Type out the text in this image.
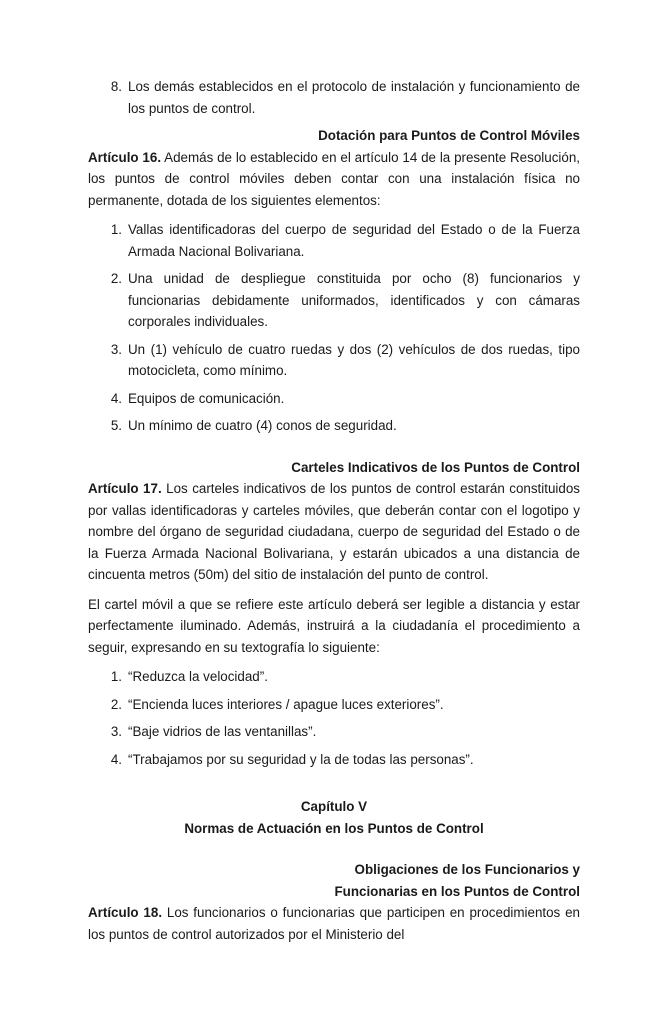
8. Los demás establecidos en el protocolo de instalación y funcionamiento de los puntos de control.
Dotación para Puntos de Control Móviles

Artículo 16. Además de lo establecido en el artículo 14 de la presente Resolución, los puntos de control móviles deben contar con una instalación física no permanente, dotada de los siguientes elementos:

1. Vallas identificadoras del cuerpo de seguridad del Estado o de la Fuerza Armada Nacional Bolivariana.
2. Una unidad de despliegue constituida por ocho (8) funcionarios y funcionarias debidamente uniformados, identificados y con cámaras corporales individuales.
3. Un (1) vehículo de cuatro ruedas y dos (2) vehículos de dos ruedas, tipo motocicleta, como mínimo.
4. Equipos de comunicación.
5. Un mínimo de cuatro (4) conos de seguridad.
Carteles Indicativos de los Puntos de Control

Artículo 17. Los carteles indicativos de los puntos de control estarán constituidos por vallas identificadoras y carteles móviles, que deberán contar con el logotipo y nombre del órgano de seguridad ciudadana, cuerpo de seguridad del Estado o de la Fuerza Armada Nacional Bolivariana, y estarán ubicados a una distancia de cincuenta metros (50m) del sitio de instalación del punto de control.

El cartel móvil a que se refiere este artículo deberá ser legible a distancia y estar perfectamente iluminado. Además, instruirá a la ciudadanía el procedimiento a seguir, expresando en su textografía lo siguiente:

1. “Reduzca la velocidad”.
2. “Encienda luces interiores / apague luces exteriores”.
3. “Baje vidrios de las ventanillas”.
4. “Trabajamos por su seguridad y la de todas las personas”.
Capítulo V
Normas de Actuación en los Puntos de Control
Obligaciones de los Funcionarios y
Funcionarias en los Puntos de Control

Artículo 18. Los funcionarios o funcionarias que participen en procedimientos en los puntos de control autorizados por el Ministerio del
